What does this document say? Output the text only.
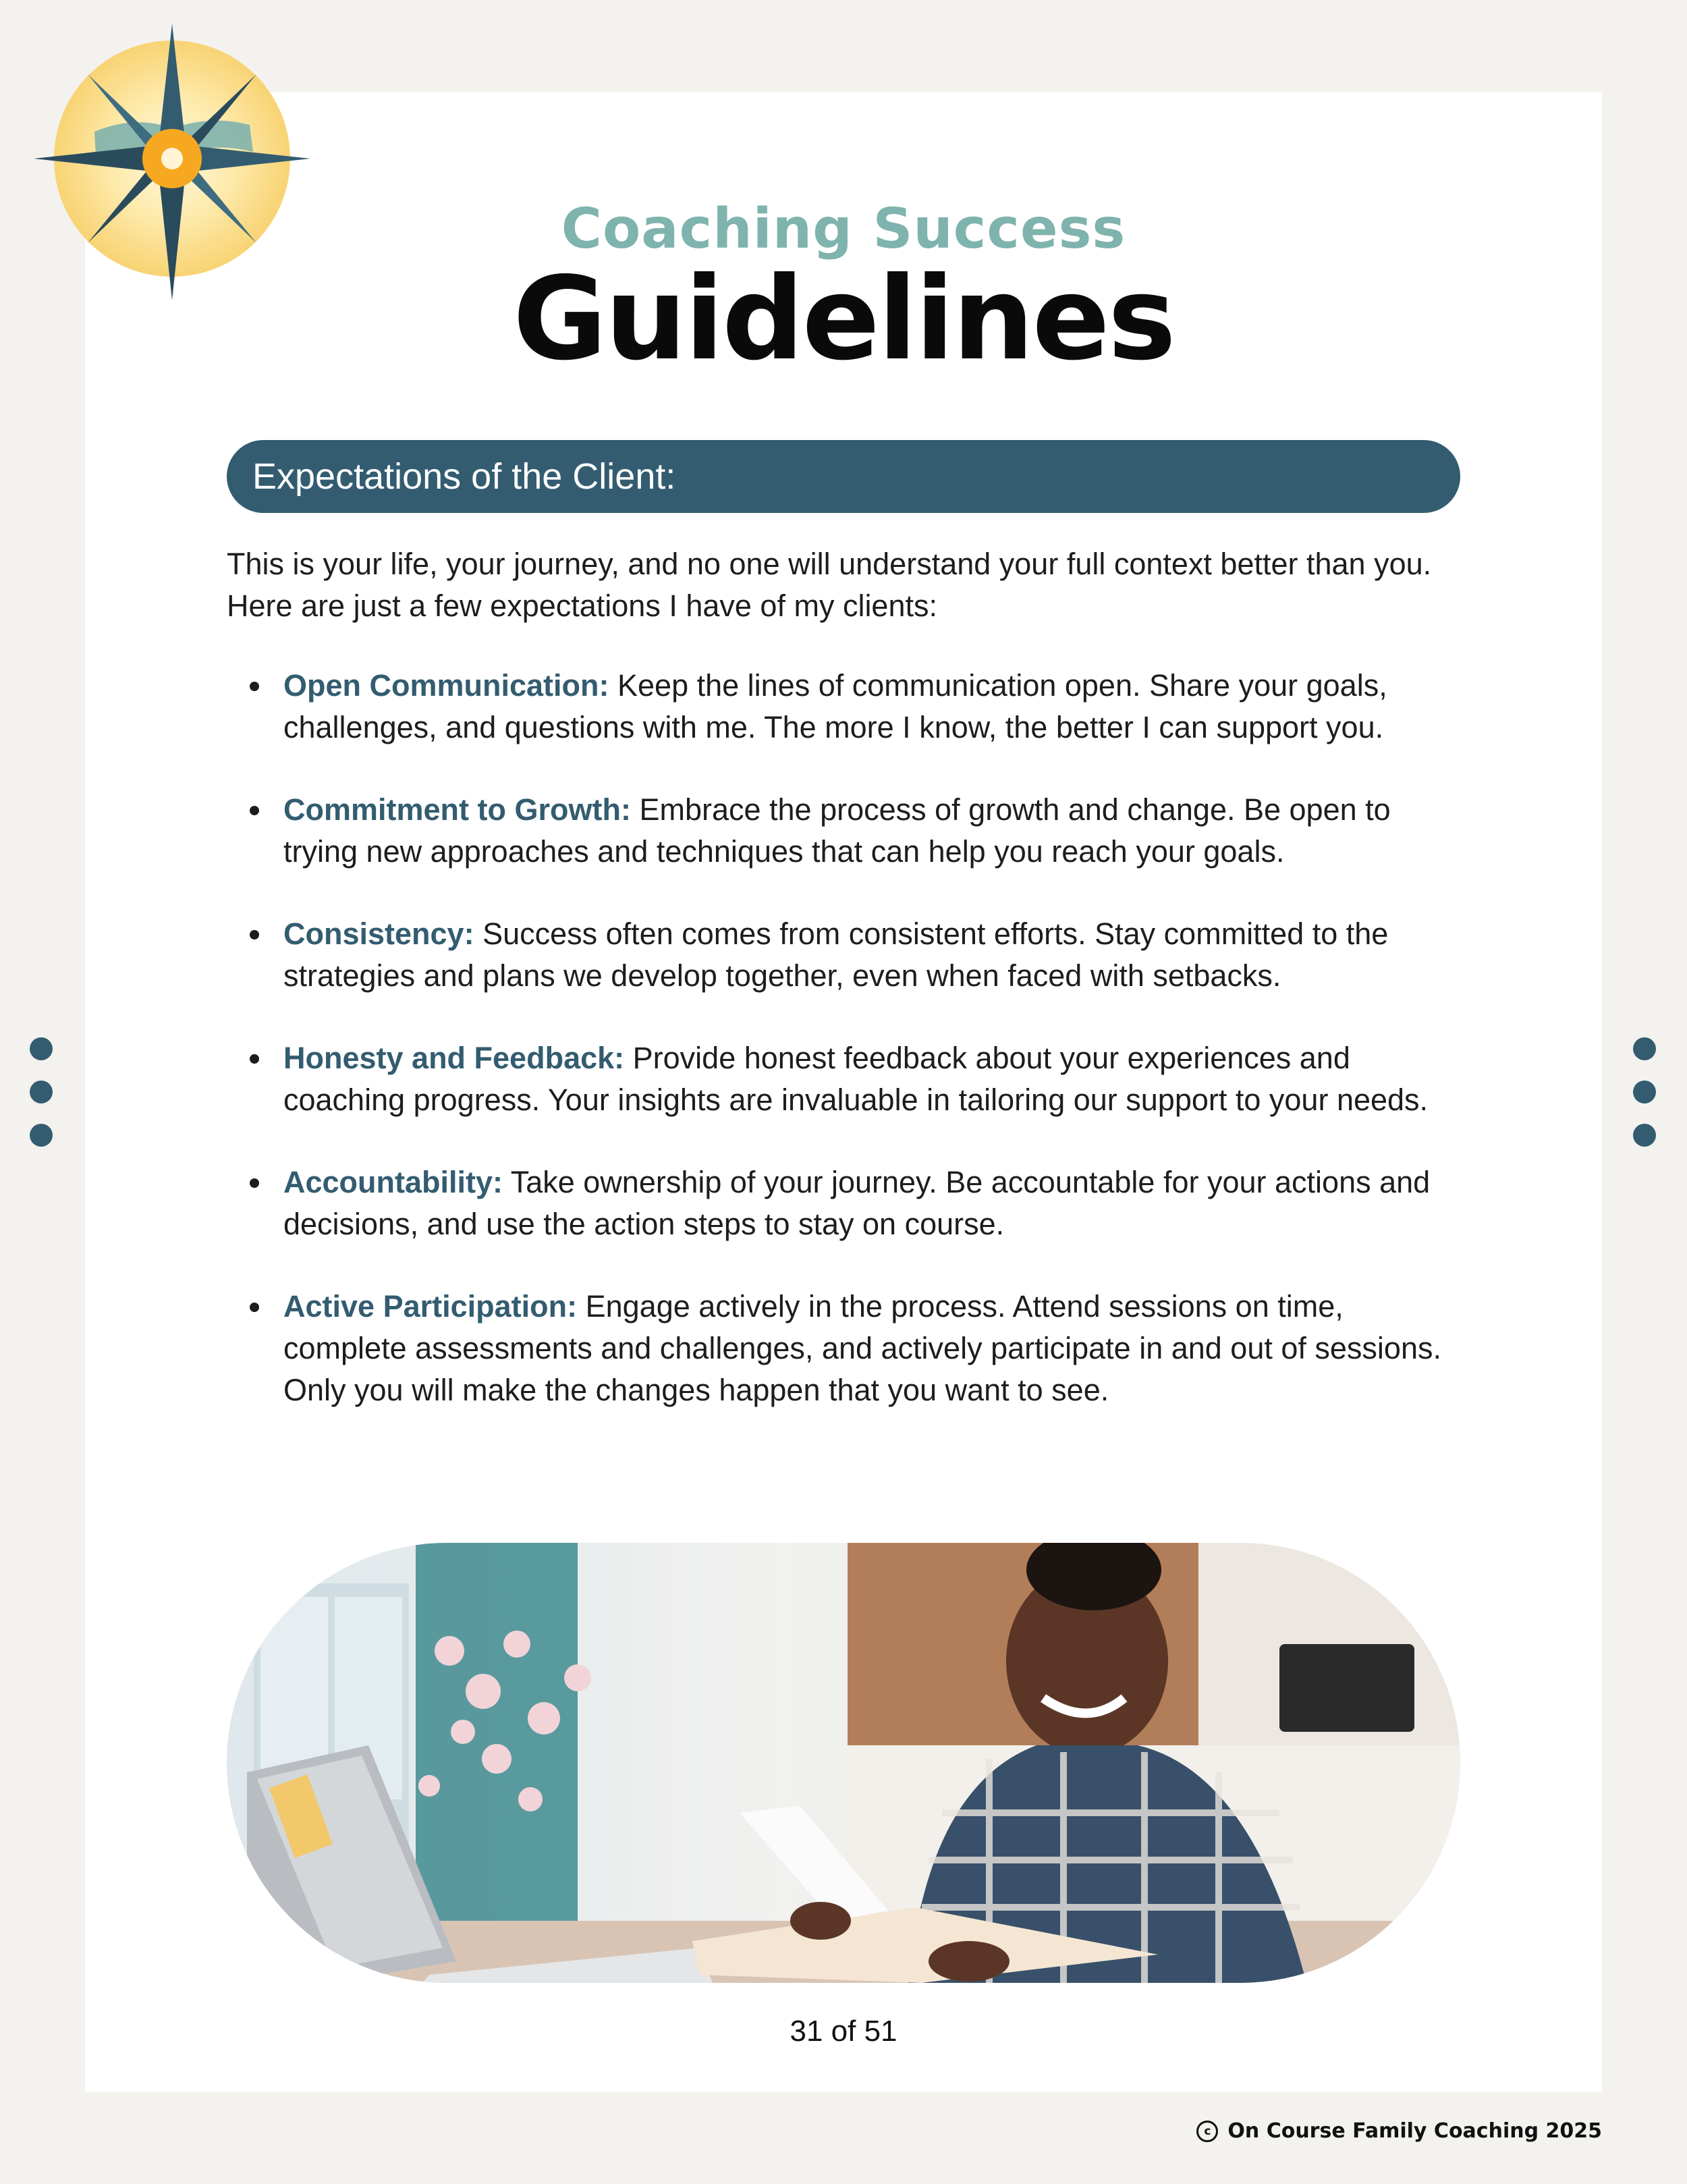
Coaching Success
Guidelines
Expectations of the Client:

This is your life, your journey, and no one will understand your full context better than you. Here are just a few expectations I have of my clients:

Open Communication: Keep the lines of communication open. Share your goals, challenges, and questions with me. The more I know, the better I can support you.
Commitment to Growth: Embrace the process of growth and change. Be open to trying new approaches and techniques that can help you reach your goals.
Consistency: Success often comes from consistent efforts. Stay committed to the strategies and plans we develop together, even when faced with setbacks.
Honesty and Feedback: Provide honest feedback about your experiences and coaching progress. Your insights are invaluable in tailoring our support to your needs.
Accountability: Take ownership of your journey. Be accountable for your actions and decisions, and use the action steps to stay on course.
Active Participation: Engage actively in the process. Attend sessions on time, complete assessments and challenges, and actively participate in and out of sessions. Only you will make the changes happen that you want to see.
31 of 51
c On Course Family Coaching 2025
